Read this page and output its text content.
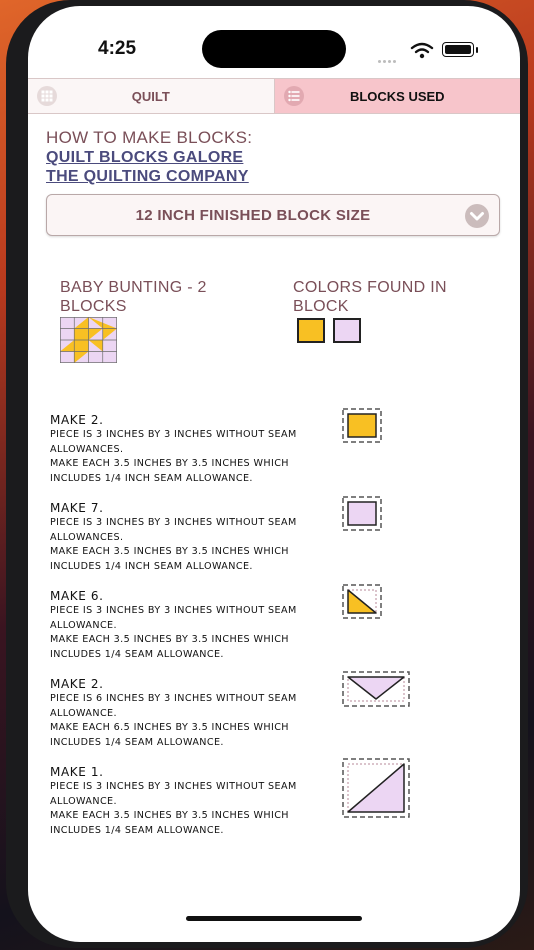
4:25
QUILT	BLOCKS USED
HOW TO MAKE BLOCKS:
QUILT BLOCKS GALORE
THE QUILTING COMPANY
12 INCH FINISHED BLOCK SIZE
BABY BUNTING - 2 BLOCKS
COLORS FOUND IN BLOCK
MAKE 2.
PIECE IS 3 INCHES BY 3 INCHES WITHOUT SEAM
ALLOWANCES.
MAKE EACH 3.5 INCHES BY 3.5 INCHES WHICH
INCLUDES 1/4 INCH SEAM ALLOWANCE.
MAKE 7.
PIECE IS 3 INCHES BY 3 INCHES WITHOUT SEAM
ALLOWANCES.
MAKE EACH 3.5 INCHES BY 3.5 INCHES WHICH
INCLUDES 1/4 INCH SEAM ALLOWANCE.
MAKE 6.
PIECE IS 3 INCHES BY 3 INCHES WITHOUT SEAM
ALLOWANCE.
MAKE EACH 3.5 INCHES BY 3.5 INCHES WHICH
INCLUDES 1/4 SEAM ALLOWANCE.
MAKE 2.
PIECE IS 6 INCHES BY 3 INCHES WITHOUT SEAM
ALLOWANCE.
MAKE EACH 6.5 INCHES BY 3.5 INCHES WHICH
INCLUDES 1/4 SEAM ALLOWANCE.
MAKE 1.
PIECE IS 3 INCHES BY 3 INCHES WITHOUT SEAM
ALLOWANCE.
MAKE EACH 3.5 INCHES BY 3.5 INCHES WHICH
INCLUDES 1/4 SEAM ALLOWANCE.
